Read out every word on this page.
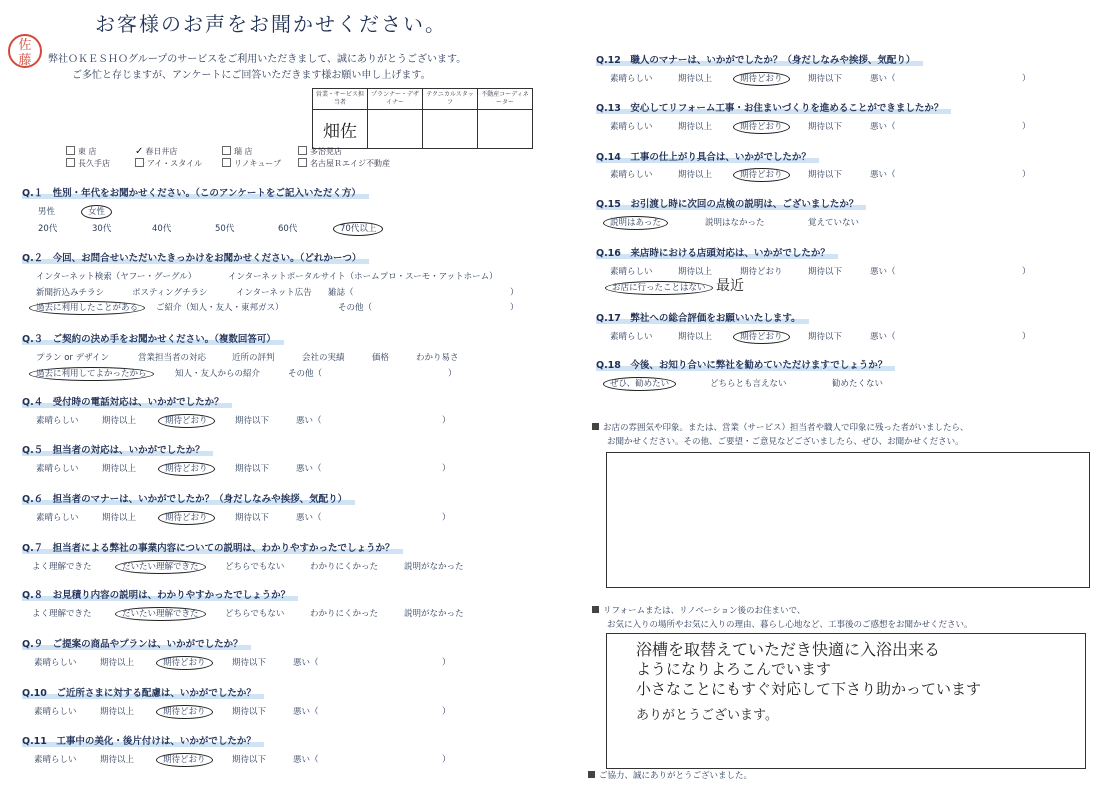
お客様のお声をお聞かせください。
佐
藤	弊社ＯＫＥＳＨＯグループのサービスをご利用いただきまして、誠にありがとうございます。
ご多忙と存じますが、アンケートにご回答いただきます様お願い申し上げます。
営業・サービス担当者	プランナー・デザイナー	テクニカルスタッフ	不動産コーディネーター
畑佐			
東 店	✓ 春日井店	瑞 店	多治見店
長久手店	アイ・スタイル	リノキューブ	名古屋Ｒエイジ不動産
Q.１　性別・年代をお聞かせください。（このアンケートをご記入いただく方）
男性	女性
20代	30代	40代	50代	60代	70代以上
Q.２　今回、お問合せいただいたきっかけをお聞かせください。（どれかーつ）
インターネット検索（ヤフー・グーグル）	インターネットポータルサイト（ホームプロ・スーモ・アットホーム）
新聞折込みチラシ	ポスティングチラシ	インターネット広告 雑誌（	）
過去に利用したことがある ご紹介（知人・友人・東邦ガス）	その他（	）
Q.３　ご契約の決め手をお聞かせください。（複数回答可）
プラン or デザイン	営業担当者の対応	近所の評判	会社の実績	価格	わかり易さ
過去に利用してよかったから	知人・友人からの紹介	その他（	）
Q.４　受付時の電話対応は、いかがでしたか？
素晴らしい	期待以上	期待どおり	期待以下	悪い（	）
Q.５　担当者の対応は、いかがでしたか？
素晴らしい	期待以上	期待どおり	期待以下	悪い（	）
Q.６　担当者のマナーは、いかがでしたか？（身だしなみや挨拶、気配り）
素晴らしい	期待以上	期待どおり	期待以下	悪い（	）
Q.７　担当者による弊社の事業内容についての説明は、わかりやすかったでしょうか？
よく理解できた	だいたい理解できた	どちらでもない	わかりにくかった	説明がなかった
Q.８　お見積り内容の説明は、わかりやすかったでしょうか？
よく理解できた	だいたい理解できた	どちらでもない	わかりにくかった	説明がなかった
Q.９　ご提案の商品やプランは、いかがでしたか？
素晴らしい	期待以上	期待どおり	期待以下	悪い（	）
Q.10　ご近所さまに対する配慮は、いかがでしたか？
素晴らしい	期待以上	期待どおり	期待以下	悪い（	）
Q.11　工事中の美化・後片付けは、いかがでしたか？
素晴らしい	期待以上	期待どおり	期待以下	悪い（	）
Q.12　職人のマナーは、いかがでしたか？（身だしなみや挨拶、気配り）
素晴らしい	期待以上	期待どおり	期待以下	悪い（	）
Q.13　安心してリフォーム工事・お住まいづくりを進めることができましたか？
素晴らしい	期待以上	期待どおり	期待以下	悪い（	）
Q.14　工事の仕上がり具合は、いかがでしたか？
素晴らしい	期待以上	期待どおり	期待以下	悪い（	）
Q.15　お引渡し時に次回の点検の説明は、ございましたか？
説明はあった	説明はなかった	覚えていない
Q.16　来店時における店頭対応は、いかがでしたか？
素晴らしい	期待以上	期待どおり	期待以下	悪い（	）
お店に行ったことはない 最近
Q.17　弊社への総合評価をお願いいたします。
素晴らしい	期待以上	期待どおり	期待以下	悪い（	）
Q.18　今後、お知り合いに弊社を勧めていただけますでしょうか？
ぜひ、勧めたい	どちらとも言えない	勧めたくない
お店の雰囲気や印象。または、営業（サービス）担当者や職人で印象に残った者がいましたら、
お聞かせください。その他、ご要望・ご意見などございましたら、ぜひ、お聞かせください。
リフォームまたは、リノベーション後のお住まいで、
お気に入りの場所やお気に入りの理由、暮らし心地など、工事後のご感想をお聞かせください。
浴槽を取替えていただき快適に入浴出来る
ようになりよろこんでいます
小さなことにもすぐ対応して下さり助かっています
ありがとうございます。
ご協力、誠にありがとうございました。
